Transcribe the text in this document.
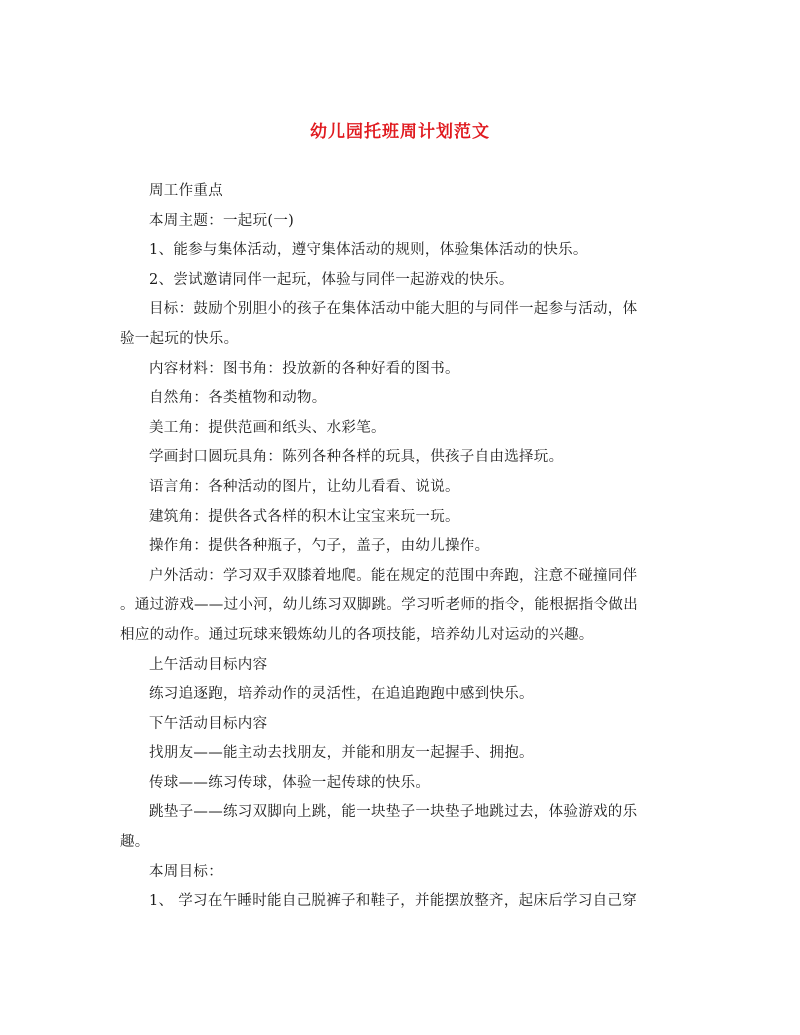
幼儿园托班周计划范文
周工作重点
本周主题：一起玩(一)
1、能参与集体活动，遵守集体活动的规则，体验集体活动的快乐。
2、尝试邀请同伴一起玩，体验与同伴一起游戏的快乐。
目标：鼓励个别胆小的孩子在集体活动中能大胆的与同伴一起参与活动，体
验一起玩的快乐。
内容材料：图书角：投放新的各种好看的图书。
自然角：各类植物和动物。
美工角：提供范画和纸头、水彩笔。
学画封口圆玩具角：陈列各种各样的玩具，供孩子自由选择玩。
语言角：各种活动的图片，让幼儿看看、说说。
建筑角：提供各式各样的积木让宝宝来玩一玩。
操作角：提供各种瓶子，勺子，盖子，由幼儿操作。
户外活动：学习双手双膝着地爬。能在规定的范围中奔跑，注意不碰撞同伴
。通过游戏——过小河，幼儿练习双脚跳。学习听老师的指令，能根据指令做出
相应的动作。通过玩球来锻炼幼儿的各项技能，培养幼儿对运动的兴趣。
上午活动目标内容
练习追逐跑，培养动作的灵活性，在追追跑跑中感到快乐。
下午活动目标内容
找朋友——能主动去找朋友，并能和朋友一起握手、拥抱。
传球——练习传球，体验一起传球的快乐。
跳垫子——练习双脚向上跳，能一块垫子一块垫子地跳过去，体验游戏的乐
趣。
本周目标：
1、 学习在午睡时能自己脱裤子和鞋子，并能摆放整齐，起床后学习自己穿
